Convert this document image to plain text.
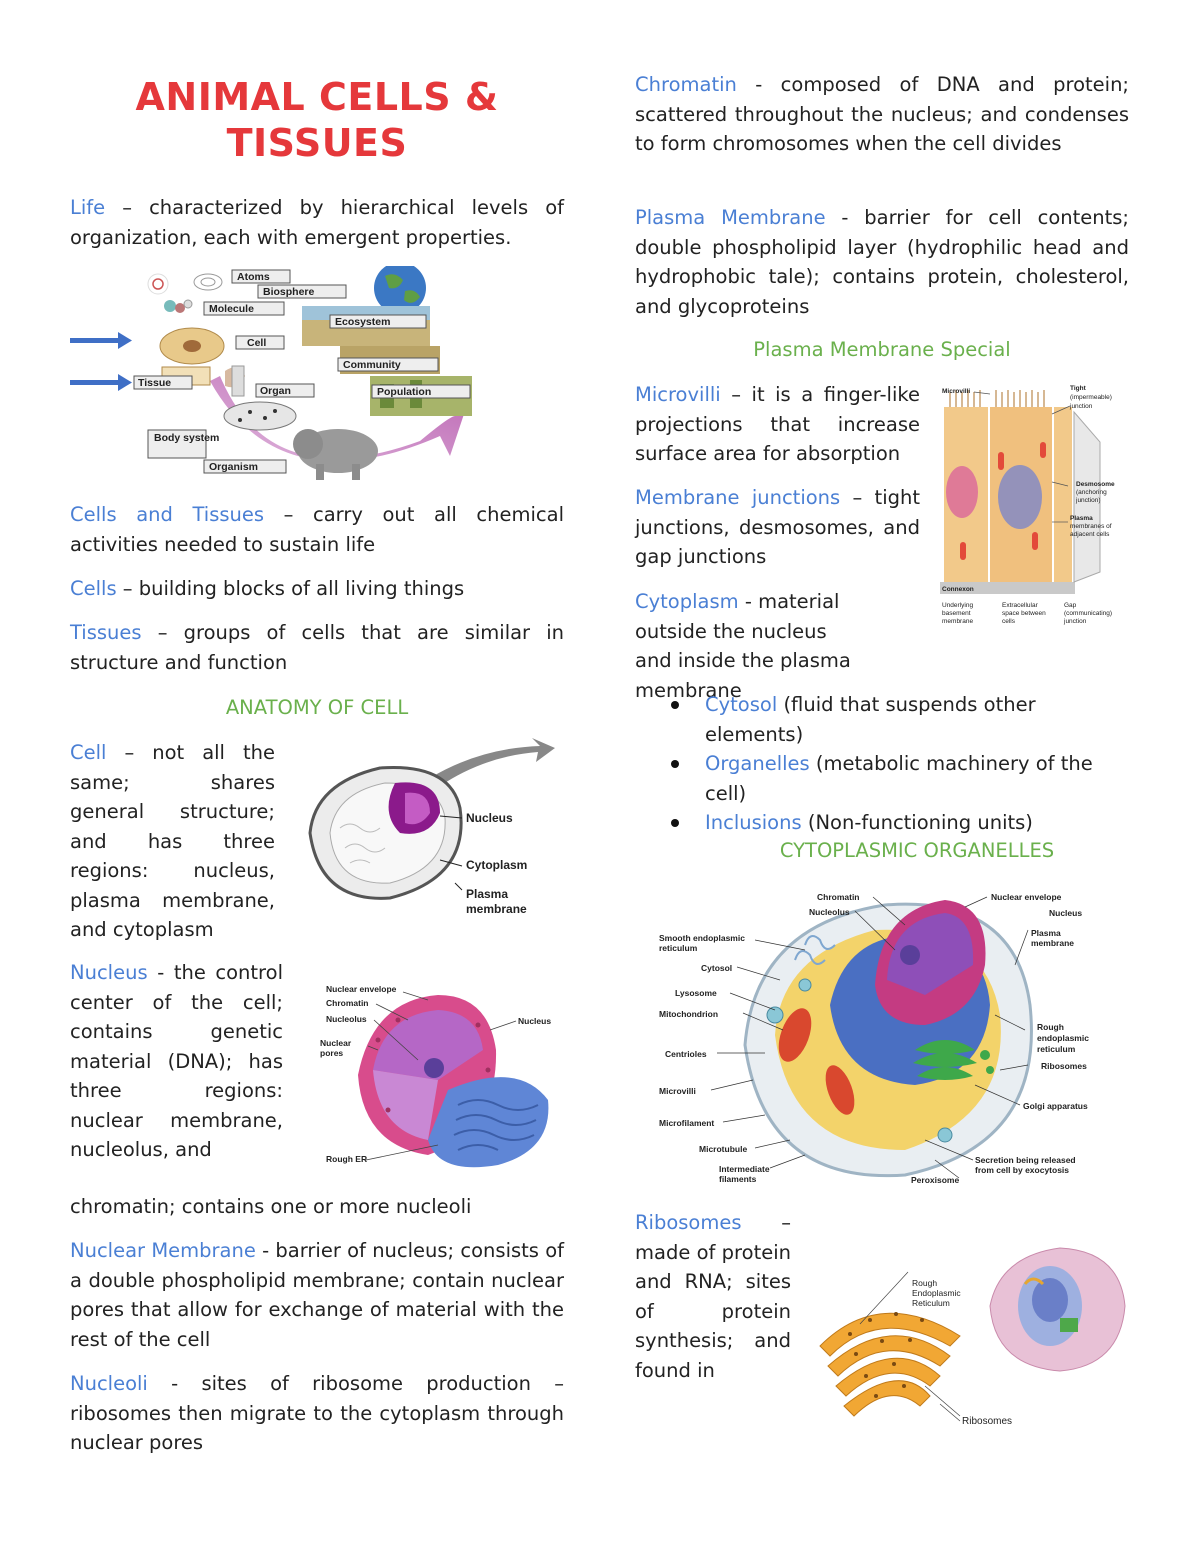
ANIMAL CELLS & TISSUES

Life – characterized by hierarchical levels of organization, each with emergent properties.

Atoms
Biosphere
Molecule
Ecosystem
Cell
Community
Tissue
Organ	Population
Body system
Organism

Cells and Tissues – carry out all chemical activities needed to sustain life

Cells – building blocks of all living things

Tissues – groups of cells that are similar in structure and function

ANATOMY OF CELL

Cell – not all the same; shares general structure; and has three regions: nucleus, plasma membrane, and cytoplasm

Nucleus
Cytoplasm
Plasma
membrane

Nucleus - the control center of the cell; contains genetic material (DNA); has three regions: nuclear membrane, nucleolus, and

chromatin; contains one or more nucleoli

Nuclear envelope
Chromatin
Nucleolus
Nuclear
pores
Nucleus
Rough ER

Nuclear Membrane - barrier of nucleus; consists of a double phospholipid membrane; contain nuclear pores that allow for exchange of material with the rest of the cell

Nucleoli - sites of ribosome production – ribosomes then migrate to the cytoplasm through nuclear pores

Chromatin - composed of DNA and protein; scattered throughout the nucleus; and condenses to form chromosomes when the cell divides

Plasma Membrane - barrier for cell contents; double phospholipid layer (hydrophilic head and hydrophobic tale); contains protein, cholesterol, and glycoproteins

Plasma Membrane Special

Microvilli – it is a finger-like projections that increase surface area for absorption

Membrane junctions – tight junctions, desmosomes, and gap junctions

Microvilli	Tight
(impermeable)
junction
Desmosome
(anchoring
junction)
Plasma
membranes of
adjacent cells
Connexon
Underlying
basement
membrane
Extracellular
space between
cells
Gap
(communicating)
junction

Cytoplasm - material outside the nucleus and inside the plasma membrane

Cytosol (fluid that suspends other elements)
Organelles (metabolic machinery of the cell)
Inclusions (Non-functioning units)

CYTOPLASMIC ORGANELLES

Smooth endoplasmic
reticulum
Cytosol
Lysosome
Mitochondrion
Centrioles
Microvilli
Microfilament
Microtubule
Intermediate
filaments
Chromatin
Nucleolus
Nuclear envelope
Nucleus
Plasma
membrane
Rough
endoplasmic
reticulum
Ribosomes
Golgi apparatus
Secretion being released
from cell by exocytosis
Peroxisome

Ribosomes – made of protein and RNA; sites of protein synthesis; and found in

Rough
Endoplasmic
Reticulum
Ribosomes
